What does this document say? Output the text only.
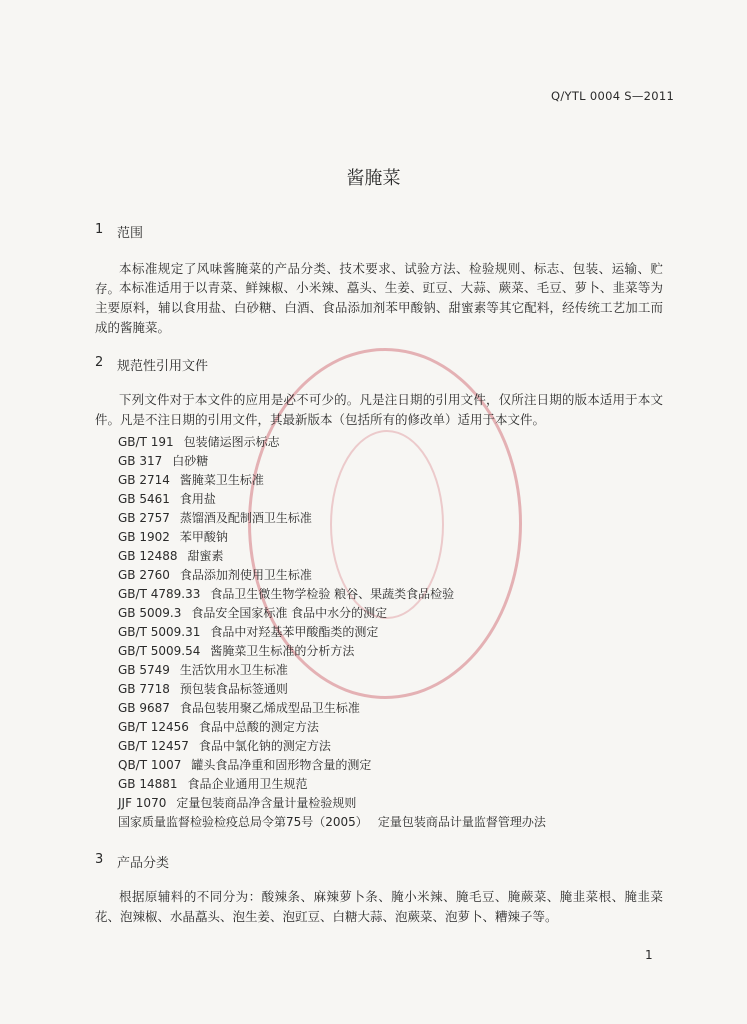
Q/YTL 0004 S—2011
酱腌菜
1 范围
本标准规定了风味酱腌菜的产品分类、技术要求、试验方法、检验规则、标志、包装、运输、贮存。
本标准适用于以青菜、鲜辣椒、小米辣、藠头、生姜、豇豆、大蒜、蕨菜、毛豆、萝卜、韭菜等为主要原料，辅以食用盐、白砂糖、白酒、食品添加剂苯甲酸钠、甜蜜素等其它配料，经传统工艺加工而成的酱腌菜。
2 规范性引用文件
下列文件对于本文件的应用是必不可少的。凡是注日期的引用文件，仅所注日期的版本适用于本文件。凡是不注日期的引用文件，其最新版本（包括所有的修改单）适用于本文件。
GB/T 191 包装储运图示标志
GB 317 白砂糖
GB 2714 酱腌菜卫生标准
GB 5461 食用盐
GB 2757 蒸馏酒及配制酒卫生标准
GB 1902 苯甲酸钠
GB 12488 甜蜜素
GB 2760 食品添加剂使用卫生标准
GB/T 4789.33 食品卫生微生物学检验 粮谷、果蔬类食品检验
GB 5009.3 食品安全国家标准 食品中水分的测定
GB/T 5009.31 食品中对羟基苯甲酸酯类的测定
GB/T 5009.54 酱腌菜卫生标准的分析方法
GB 5749 生活饮用水卫生标准
GB 7718 预包装食品标签通则
GB 9687 食品包装用聚乙烯成型品卫生标准
GB/T 12456 食品中总酸的测定方法
GB/T 12457 食品中氯化钠的测定方法
QB/T 1007 罐头食品净重和固形物含量的测定
GB 14881 食品企业通用卫生规范
JJF 1070 定量包装商品净含量计量检验规则
国家质量监督检验检疫总局令第75号（2005） 定量包装商品计量监督管理办法
3 产品分类
根据原辅料的不同分为：酸辣条、麻辣萝卜条、腌小米辣、腌毛豆、腌蕨菜、腌韭菜根、腌韭菜花、泡辣椒、水晶藠头、泡生姜、泡豇豆、白糖大蒜、泡蕨菜、泡萝卜、糟辣子等。
1
